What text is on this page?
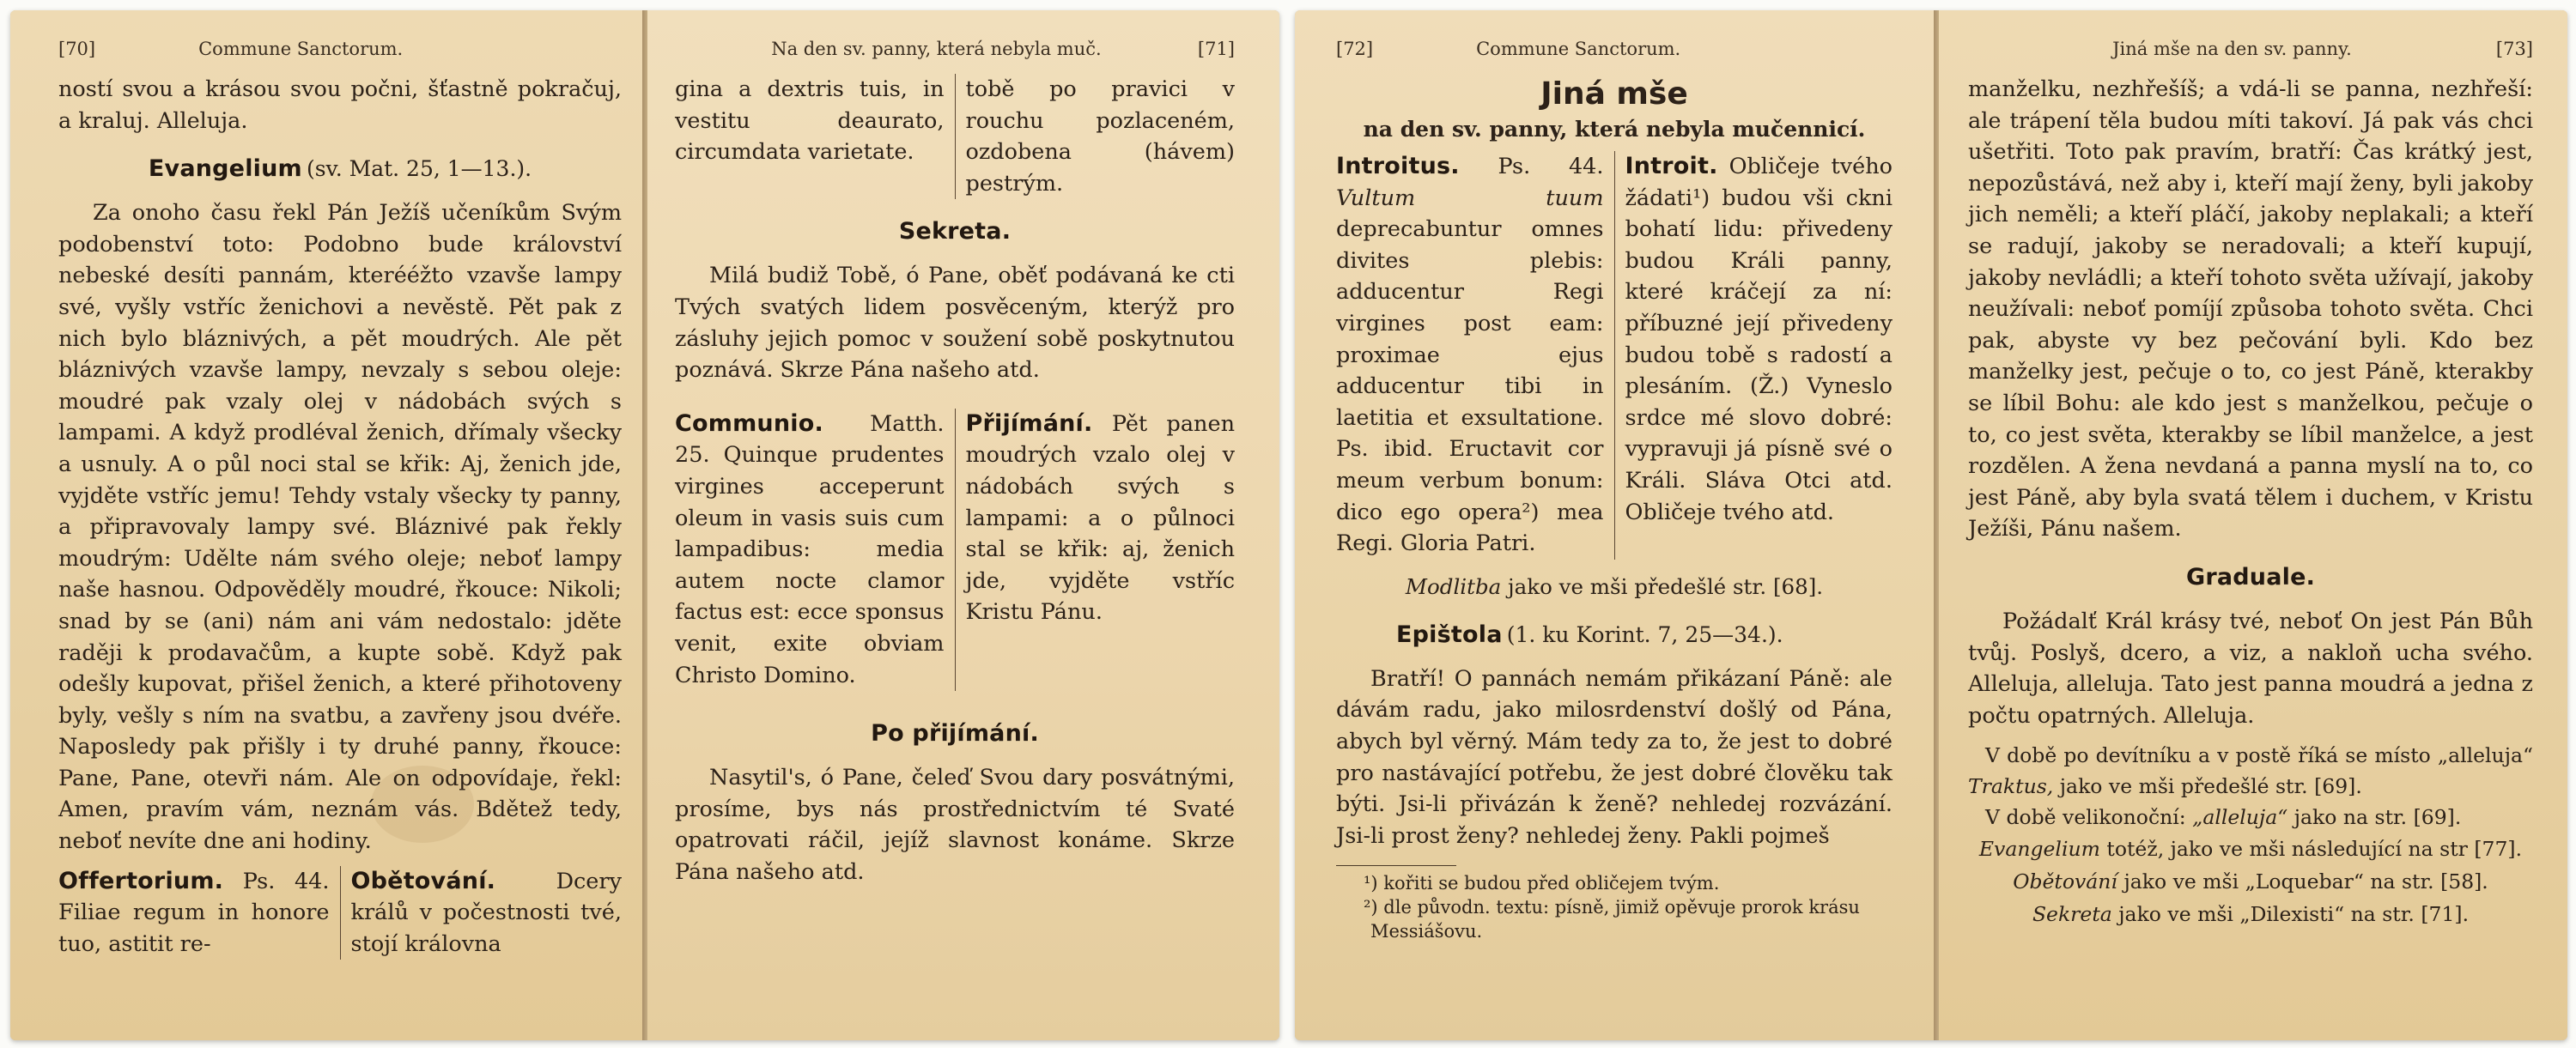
[70]	Commune Sanctorum.

ností svou a krásou svou počni, šťastně pokračuj, a kraluj. Alleluja.

Evangelium (sv. Mat. 25, 1—13.).

Za onoho času řekl Pán Ježíš učeníkům Svým podobenství toto: Podobno bude království nebeské desíti pannám, kterééžto vzavše lampy své, vyšly vstříc ženichovi a nevěstě. Pět pak z nich bylo bláznivých, a pět moudrých. Ale pět bláznivých vzavše lampy, nevzaly s sebou oleje: moudré pak vzaly olej v nádobách svých s lampami. A když prodléval ženich, dřímaly všecky a usnuly. A o půl noci stal se křik: Aj, ženich jde, vyjděte vstříc jemu! Tehdy vstaly všecky ty panny, a připravovaly lampy své. Bláznivé pak řekly moudrým: Udělte nám svého oleje; neboť lampy naše hasnou. Odpověděly moudré, řkouce: Nikoli; snad by se (ani) nám ani vám nedostalo: jděte raději k prodavačům, a kupte sobě. Když pak odešly kupovat, přišel ženich, a které přihotoveny byly, vešly s ním na svatbu, a zavřeny jsou dvéře. Naposledy pak přišly i ty druhé panny, řkouce: Pane, Pane, otevři nám. Ale on odpovídaje, řekl: Amen, pravím vám, neznám vás. Bdětež tedy, neboť nevíte dne ani hodiny.

Offertorium. Ps. 44. Filiae regum in honore tuo, astitit re-

Obětování.	Dcery králů v počestnosti tvé, stojí královna

Na den sv. panny, která nebyla muč.	[71]

gina a dextris tuis, in vestitu deaurato, circumdata varietate.

tobě po pravici v rouchu pozlaceném, ozdobena (hávem) pestrým.

Sekreta.

Milá budiž Tobě, ó Pane, oběť podávaná ke cti Tvých svatých lidem posvěceným, kterýž pro zásluhy jejich pomoc v soužení sobě poskytnutou poznává. Skrze Pána našeho atd.

Communio. Matth. 25. Quinque prudentes virgines acceperunt oleum in vasis suis cum lampadibus: media autem nocte clamor factus est: ecce sponsus venit, exite obviam Christo Domino.

Přijímání. Pět panen moudrých vzalo olej v nádobách svých s lampami: a o půlnoci stal se křik: aj, ženich jde, vyjděte vstříc Kristu Pánu.

Po přijímání.

Nasytil's, ó Pane, čeleď Svou dary posvátnými, prosíme, bys nás prostřednictvím té Svaté opatrovati ráčil, jejíž slavnost konáme. Skrze Pána našeho atd.

[72]	Commune Sanctorum.
Jiná mše
na den sv. panny, která nebyla mučennicí.

Introitus. Ps. 44. Vultum tuum deprecabuntur omnes divites plebis: adducentur Regi virgines post eam: proximae ejus adducentur tibi in laetitia et exsultatione. Ps. ibid. Eructavit cor meum verbum bonum: dico ego opera²) mea Regi. Gloria Patri.

Introit. Obličeje tvého žádati¹) budou vši ckni bohatí lidu: přivedeny budou Králi panny, které kráčejí za ní: příbuzné její přivedeny budou tobě s radostí a plesáním. (Ž.) Vyneslo srdce mé slovo dobré: vypravuji já písně své o Králi. Sláva Otci atd. Obličeje tvého atd.

Modlitba jako ve mši předešlé str. [68].
Epištola (1. ku Korint. 7, 25—34.).

Bratří! O pannách nemám přikázaní Páně: ale dávám radu, jako milosrdenství došlý od Pána, abych byl věrný. Mám tedy za to, že jest to dobré pro nastávající potřebu, že jest dobré člověku tak býti. Jsi-li přivázán k ženě? nehledej rozvázání. Jsi-li prost ženy? nehledej ženy. Pakli pojmeš

¹) kořiti se budou před obličejem tvým.

²) dle původn. textu: písně, jimiž opěvuje prorok krásu Messiášovu.

Jiná mše na den sv. panny.	[73]

manželku, nezhřešíš; a vdá-li se panna, nezhřeší: ale trápení těla budou míti takoví. Já pak vás chci ušetřiti. Toto pak pravím, bratří: Čas krátký jest, nepozůstává, než aby i, kteří mají ženy, byli jakoby jich neměli; a kteří pláčí, jakoby neplakali; a kteří se radují, jakoby se neradovali; a kteří kupují, jakoby nevládli; a kteří tohoto světa užívají, jakoby neužívali: neboť pomíjí způsoba tohoto světa. Chci pak, abyste vy bez pečování byli. Kdo bez manželky jest, pečuje o to, co jest Páně, kterakby se líbil Bohu: ale kdo jest s manželkou, pečuje o to, co jest světa, kterakby se líbil manželce, a jest rozdělen. A žena nevdaná a panna myslí na to, co jest Páně, aby byla svatá tělem i duchem, v Kristu Ježíši, Pánu našem.

Graduale.

Požádalť Král krásy tvé, neboť On jest Pán Bůh tvůj. Poslyš, dcero, a viz, a nakloň ucha svého. Alleluja, alleluja. Tato jest panna moudrá a jedna z počtu opatrných. Alleluja.

V době po devítníku a v postě říká se místo „alleluja“ Traktus, jako ve mši předešlé str. [69].

V době velikonoční: „alleluja“ jako na str. [69].

Evangelium totéž, jako ve mši následující na str [77].
Obětování jako ve mši „Loquebar“ na str. [58].
Sekreta jako ve mši „Dilexisti“ na str. [71].
